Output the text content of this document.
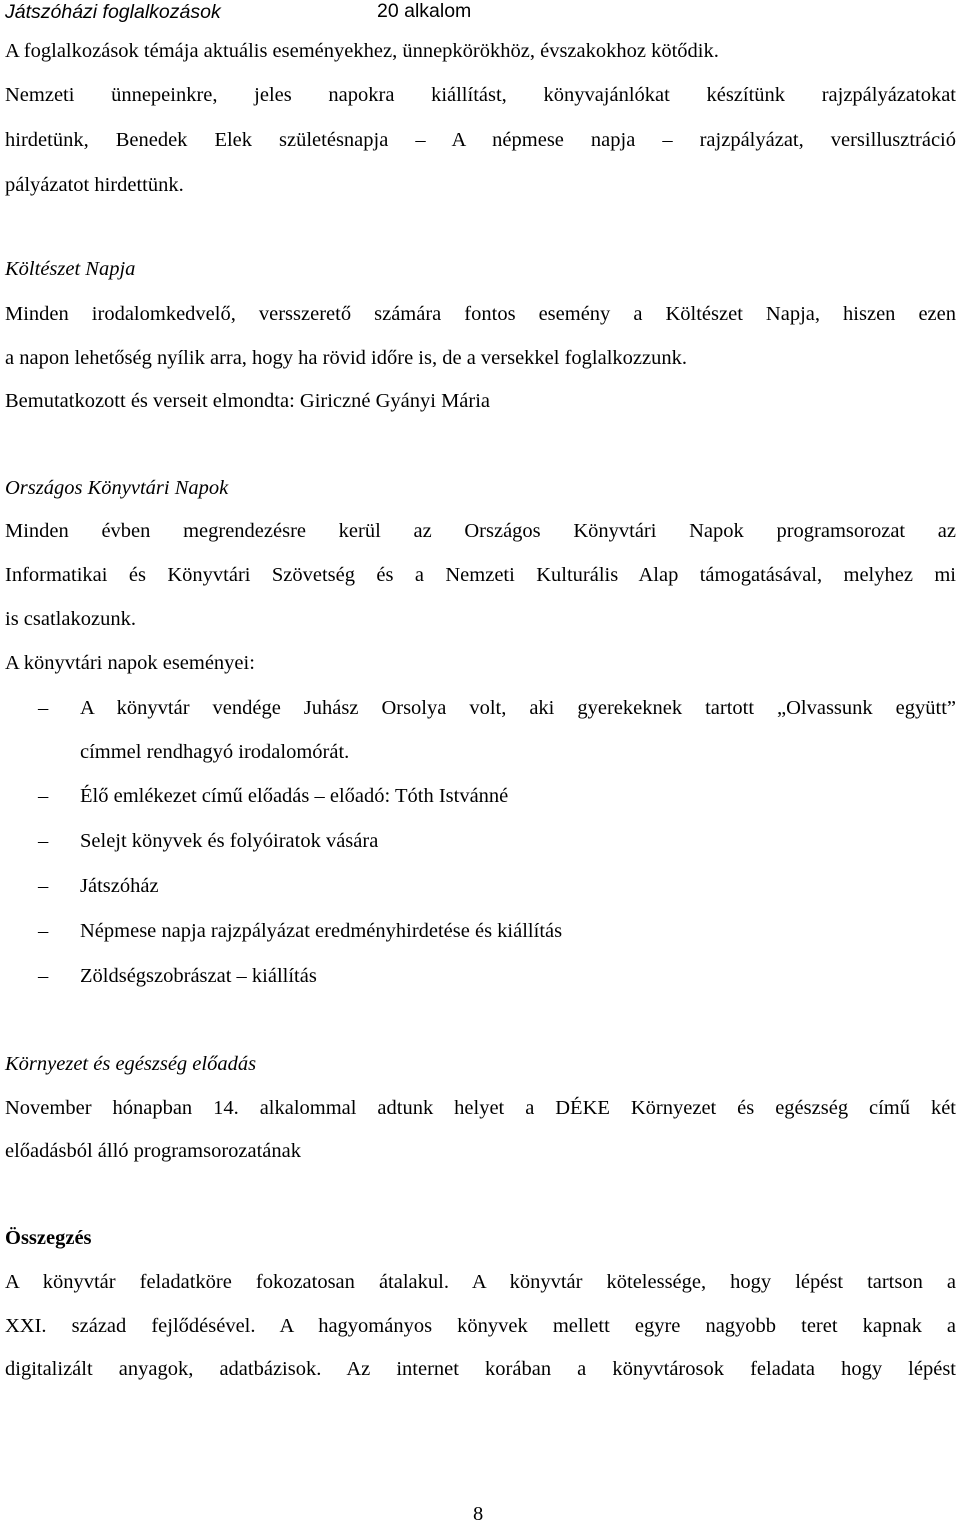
Játszóházi foglalkozások	20 alkalom
A foglalkozások témája aktuális eseményekhez, ünnepkörökhöz, évszakokhoz kötődik.
Nemzeti ünnepeinkre, jeles napokra kiállítást, könyvajánlókat készítünk rajzpályázatokat
hirdetünk, Benedek Elek születésnapja – A népmese napja – rajzpályázat, versillusztráció
pályázatot hirdettünk.
Költészet Napja
Minden irodalomkedvelő, versszerető számára fontos esemény a Költészet Napja, hiszen ezen
a napon lehetőség nyílik arra, hogy ha rövid időre is, de a versekkel foglalkozzunk.
Bemutatkozott és verseit elmondta: Giriczné Gyányi Mária
Országos Könyvtári Napok
Minden évben megrendezésre kerül az Országos Könyvtári Napok programsorozat az
Informatikai és Könyvtári Szövetség és a Nemzeti Kulturális Alap támogatásával, melyhez mi
is csatlakozunk.
A könyvtári napok eseményei:
– A könyvtár vendége Juhász Orsolya volt, aki gyerekeknek tartott „Olvassunk együtt”
címmel rendhagyó irodalomórát.
– Élő emlékezet című előadás – előadó: Tóth Istvánné
– Selejt könyvek és folyóiratok vására
– Játszóház
– Népmese napja rajzpályázat eredményhirdetése és kiállítás
– Zöldségszobrászat – kiállítás
Környezet és egészség előadás
November hónapban 14. alkalommal adtunk helyet a DÉKE Környezet és egészség című két
előadásból álló programsorozatának
Összegzés
A könyvtár feladatköre fokozatosan átalakul. A könyvtár kötelessége, hogy lépést tartson a
XXI. század fejlődésével. A hagyományos könyvek mellett egyre nagyobb teret kapnak a
digitalizált anyagok, adatbázisok. Az internet korában a könyvtárosok feladata hogy lépést
8
